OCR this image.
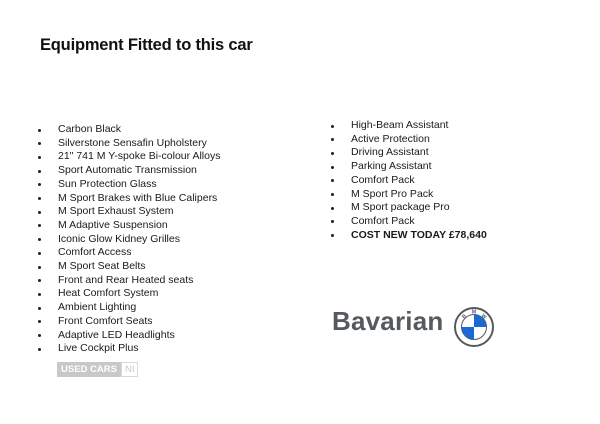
Equipment Fitted to this car
Carbon Black
Silverstone Sensafin Upholstery
21" 741 M Y-spoke Bi-colour Alloys
Sport Automatic Transmission
Sun Protection Glass
M Sport Brakes with Blue Calipers
M Sport Exhaust System
M Adaptive Suspension
Iconic Glow Kidney Grilles
Comfort Access
M Sport Seat Belts
Front and Rear Heated seats
Heat Comfort System
Ambient Lighting
Front Comfort Seats
Adaptive LED Headlights
Live Cockpit Plus
High-Beam Assistant
Active Protection
Driving Assistant
Parking Assistant
Comfort Pack
M Sport Pro Pack
M Sport package Pro
Comfort Pack
COST NEW TODAY £78,640
USED CARS NI
Bavarian	B
M
W
